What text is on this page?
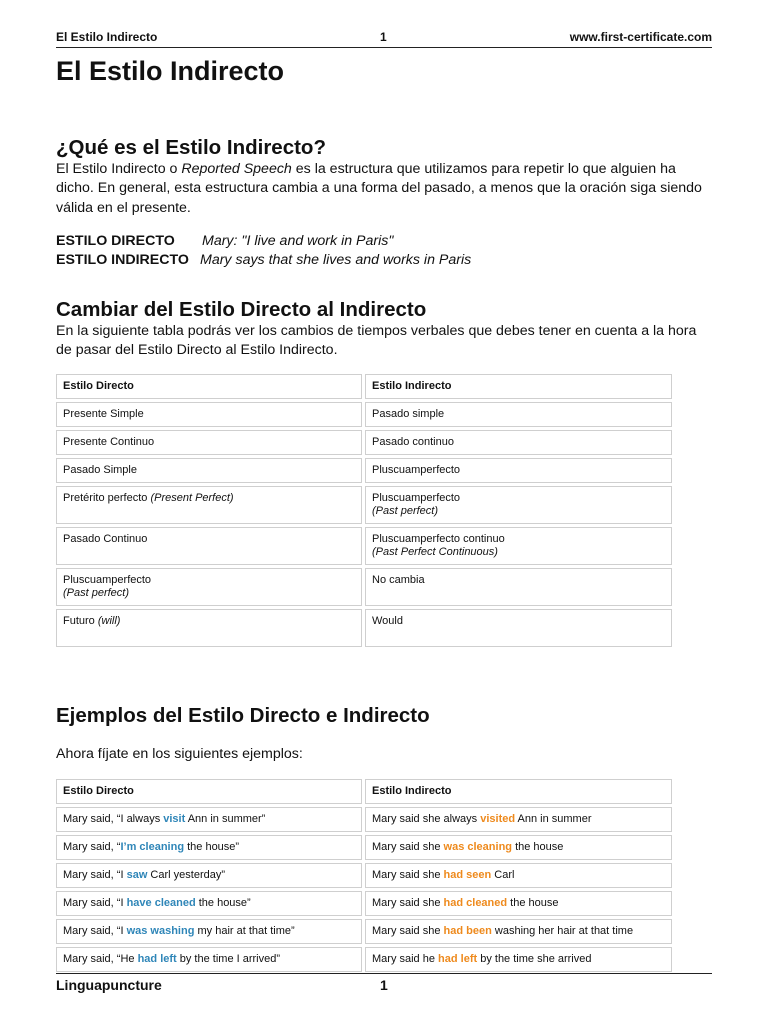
El Estilo Indirecto	1	www.first-certificate.com
El Estilo Indirecto
¿Qué es el Estilo Indirecto?

El Estilo Indirecto o Reported Speech es la estructura que utilizamos para repetir lo que alguien ha dicho. En general, esta estructura cambia a una forma del pasado, a menos que la oración siga siendo válida en el presente.

ESTILO DIRECTO Mary: "I live and work in Paris"
ESTILO INDIRECTO Mary says that she lives and works in Paris
Cambiar del Estilo Directo al Indirecto

En la siguiente tabla podrás ver los cambios de tiempos verbales que debes tener en cuenta a la hora de pasar del Estilo Directo al Estilo Indirecto.

Estilo Directo	Estilo Indirecto
Presente Simple	Pasado simple
Presente Continuo	Pasado continuo
Pasado Simple	Pluscuamperfecto
Pretérito perfecto (Present Perfect)	Pluscuamperfecto
(Past perfect)
Pasado Continuo	Pluscuamperfecto continuo
(Past Perfect Continuous)
Pluscuamperfecto
(Past perfect)	No cambia
Futuro (will)	Would
Ejemplos del Estilo Directo e Indirecto

Ahora fíjate en los siguientes ejemplos:

Estilo Directo	Estilo Indirecto
Mary said, “I always visit Ann in summer”	Mary said she always visited Ann in summer
Mary said, “I’m cleaning the house”	Mary said she was cleaning the house
Mary said, “I saw Carl yesterday”	Mary said she had seen Carl
Mary said, “I have cleaned the house”	Mary said she had cleaned the house
Mary said, “I was washing my hair at that time”	Mary said she had been washing her hair at that time
Mary said, “He had left by the time I arrived”	Mary said he had left by the time she arrived
Linguapuncture	1
